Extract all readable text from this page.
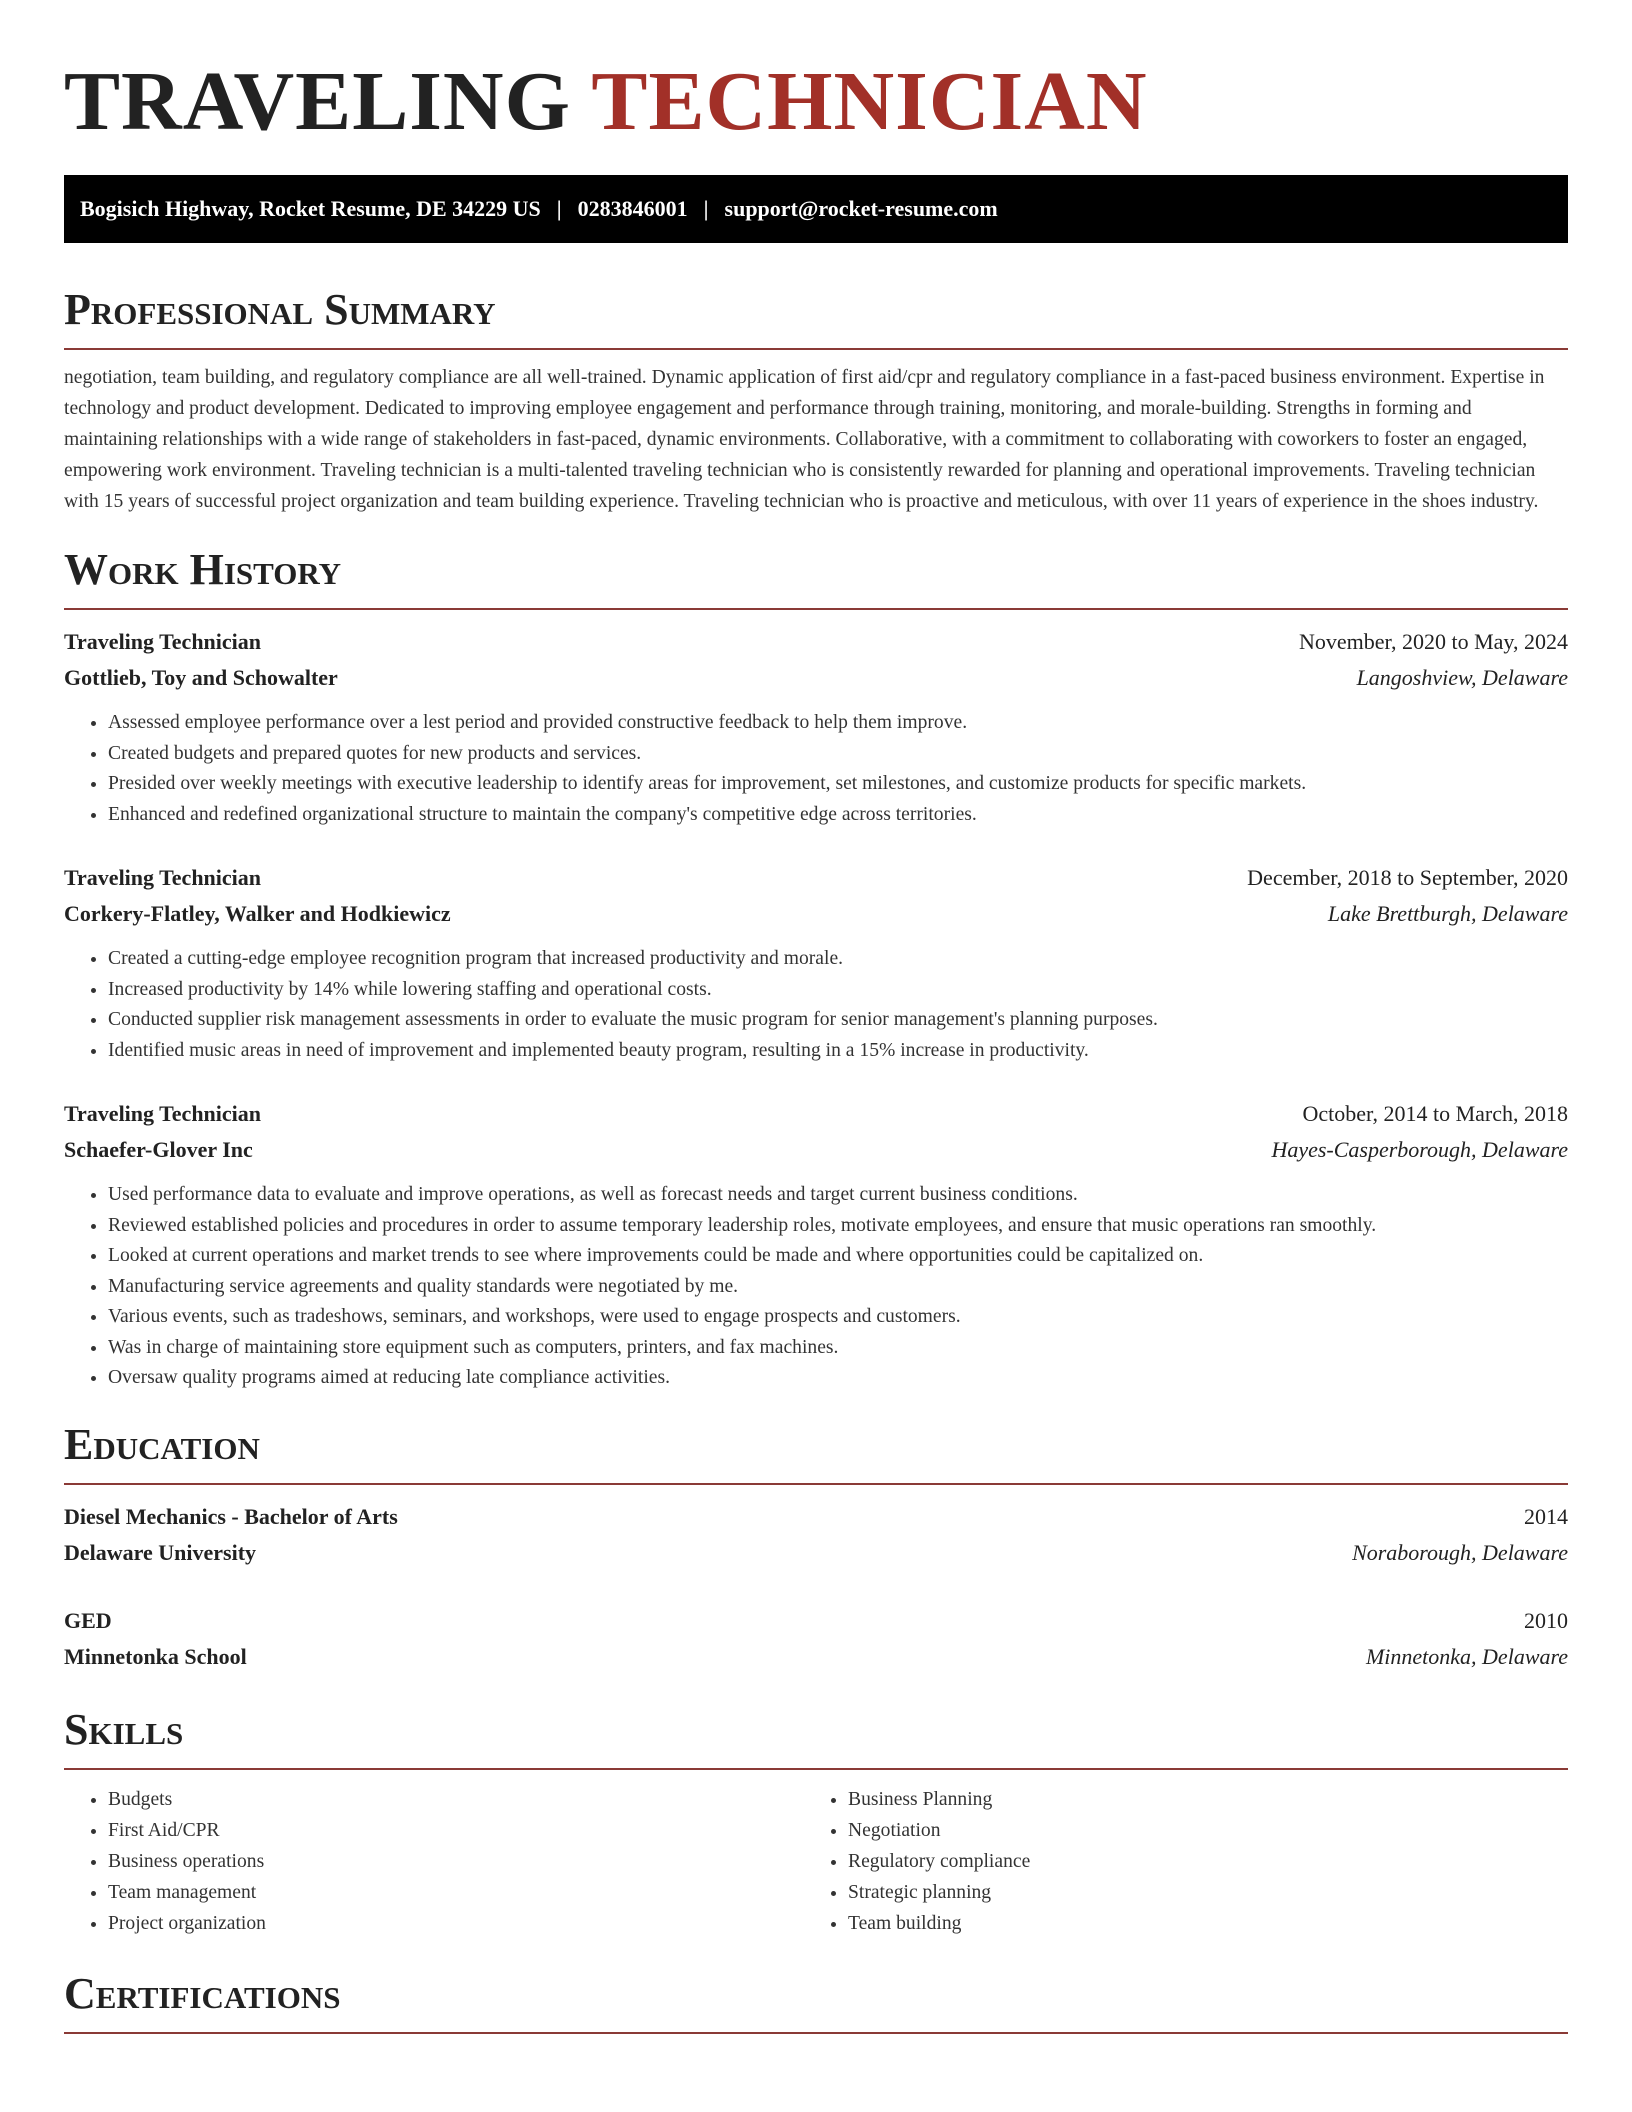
TRAVELING TECHNICIAN
Bogisich Highway, Rocket Resume, DE 34229 US | 0283846001 | support@rocket-resume.com
Professional Summary

negotiation, team building, and regulatory compliance are all well-trained. Dynamic application of first aid/cpr and regulatory compliance in a fast-paced business environment. Expertise in technology and product development. Dedicated to improving employee engagement and performance through training, monitoring, and morale-building. Strengths in forming and maintaining relationships with a wide range of stakeholders in fast-paced, dynamic environments. Collaborative, with a commitment to collaborating with coworkers to foster an engaged, empowering work environment. Traveling technician is a multi-talented traveling technician who is consistently rewarded for planning and operational improvements. Traveling technician with 15 years of successful project organization and team building experience. Traveling technician who is proactive and meticulous, with over 11 years of experience in the shoes industry.

Work History
Traveling Technician	November, 2020 to May, 2024
Gottlieb, Toy and Schowalter	Langoshview, Delaware
• Assessed employee performance over a lest period and provided constructive feedback to help them improve.
• Created budgets and prepared quotes for new products and services.
• Presided over weekly meetings with executive leadership to identify areas for improvement, set milestones, and customize products for specific markets.
• Enhanced and redefined organizational structure to maintain the company's competitive edge across territories.
Traveling Technician	December, 2018 to September, 2020
Corkery-Flatley, Walker and Hodkiewicz	Lake Brettburgh, Delaware
• Created a cutting-edge employee recognition program that increased productivity and morale.
• Increased productivity by 14% while lowering staffing and operational costs.
• Conducted supplier risk management assessments in order to evaluate the music program for senior management's planning purposes.
• Identified music areas in need of improvement and implemented beauty program, resulting in a 15% increase in productivity.
Traveling Technician	October, 2014 to March, 2018
Schaefer-Glover Inc	Hayes-Casperborough, Delaware
• Used performance data to evaluate and improve operations, as well as forecast needs and target current business conditions.
• Reviewed established policies and procedures in order to assume temporary leadership roles, motivate employees, and ensure that music operations ran smoothly.
• Looked at current operations and market trends to see where improvements could be made and where opportunities could be capitalized on.
• Manufacturing service agreements and quality standards were negotiated by me.
• Various events, such as tradeshows, seminars, and workshops, were used to engage prospects and customers.
• Was in charge of maintaining store equipment such as computers, printers, and fax machines.
• Oversaw quality programs aimed at reducing late compliance activities.
Education
Diesel Mechanics - Bachelor of Arts	2014
Delaware University	Noraborough, Delaware
GED	2010
Minnetonka School	Minnetonka, Delaware
Skills
• Budgets
• First Aid/CPR
• Business operations
• Team management
• Project organization
• Business Planning
• Negotiation
• Regulatory compliance
• Strategic planning
• Team building
Certifications
